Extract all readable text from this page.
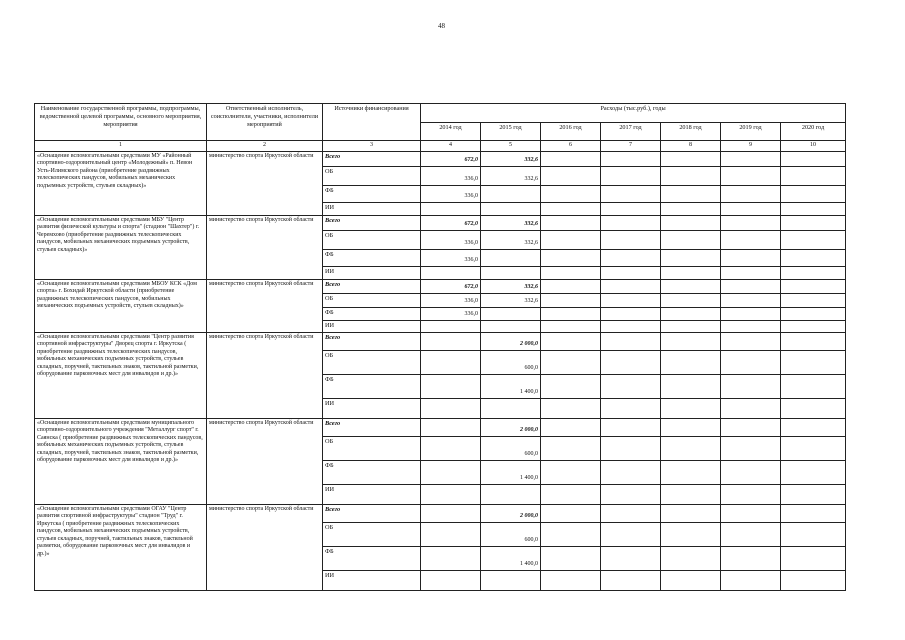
48
Наименование государственной программы, подпрограммы, ведомственной целевой программы, основного мероприятия, мероприятия	Ответственный исполнитель, соисполнители, участники, исполнители мероприятий	Источники финансирования	Расходы (тыс.руб.), годы						
			2014 год	2015 год	2016 год	2017 год	2018 год	2019 год	2020 год
1	2	3	4	5	6	7	8	9	10
«Оснащение вспомогательными средствами МУ «Районный спортивно-оздоровительный центр «Молодежный» п. Невон Усть-Илимского района (приобретение раздвижных телескопических пандусов, мобильных механических подъемных устройств, стульев складных)»	министерство спорта Иркутской области	Всего	672,0	332,6					
		ОБ	336,0	332,6					
		ФБ	336,0						
		ИИ							
«Оснащение вспомогательными средствами МБУ "Центр развития физической культуры и спорта" (стадион "Шахтер") г. Черемхово (приобретение раздвижных телескопических пандусов, мобильных механических подъемных устройств, стульев складных)»	министерство спорта Иркутской области	Всего	672,0	332,6					
		ОБ	336,0	332,6					
		ФБ	336,0						
		ИИ							
«Оснащение вспомогательными средствами МБОУ КСК «Дом спорта» г. Бохидай Иркутской области (приобретение раздвижных телескопических пандусов, мобильных механических подъемных устройств, стульев складных)»	министерство спорта Иркутской области	Всего	672,0	332,6					
		ОБ	336,0	332,6					
		ФБ	336,0						
		ИИ							
«Оснащение вспомогательными средствами "Центр развития спортивной инфраструктуры" Дворец спорта г. Иркутска ( приобретение раздвижных телескопических пандусов, мобильных механических подъемных устройств, стульев складных, поручней, тактильных знаков, тактильной разметки, оборудование парковочных мест для инвалидов и др.)»	министерство спорта Иркутской области	Всего		2 000,0					
		ОБ		600,0					
		ФБ		1 400,0					
		ИИ							
«Оснащение вспомогательными средствами муниципального спортивно-оздоровительного учреждения "Металлург спорт" г. Саянска ( приобретение раздвижных телескопических пандусов, мобильных механических подъемных устройств, стульев складных, поручней, тактильных знаков, тактильной разметки, оборудование парковочных мест для инвалидов и др.)»	министерство спорта Иркутской области	Всего		2 000,0					
		ОБ		600,0					
		ФБ		1 400,0					
		ИИ							
«Оснащение вспомогательными средствами ОГАУ "Центр развития спортивной инфраструктуры" стадион "Труд" г. Иркутска ( приобретение раздвижных телескопических пандусов, мобильных механических подъемных устройств, стульев складных, поручней, тактильных знаков, тактильной разметки, оборудование парковочных мест для инвалидов и др.)»	министерство спорта Иркутской области	Всего		2 000,0					
		ОБ		600,0					
		ФБ		1 400,0					
		ИИ							
